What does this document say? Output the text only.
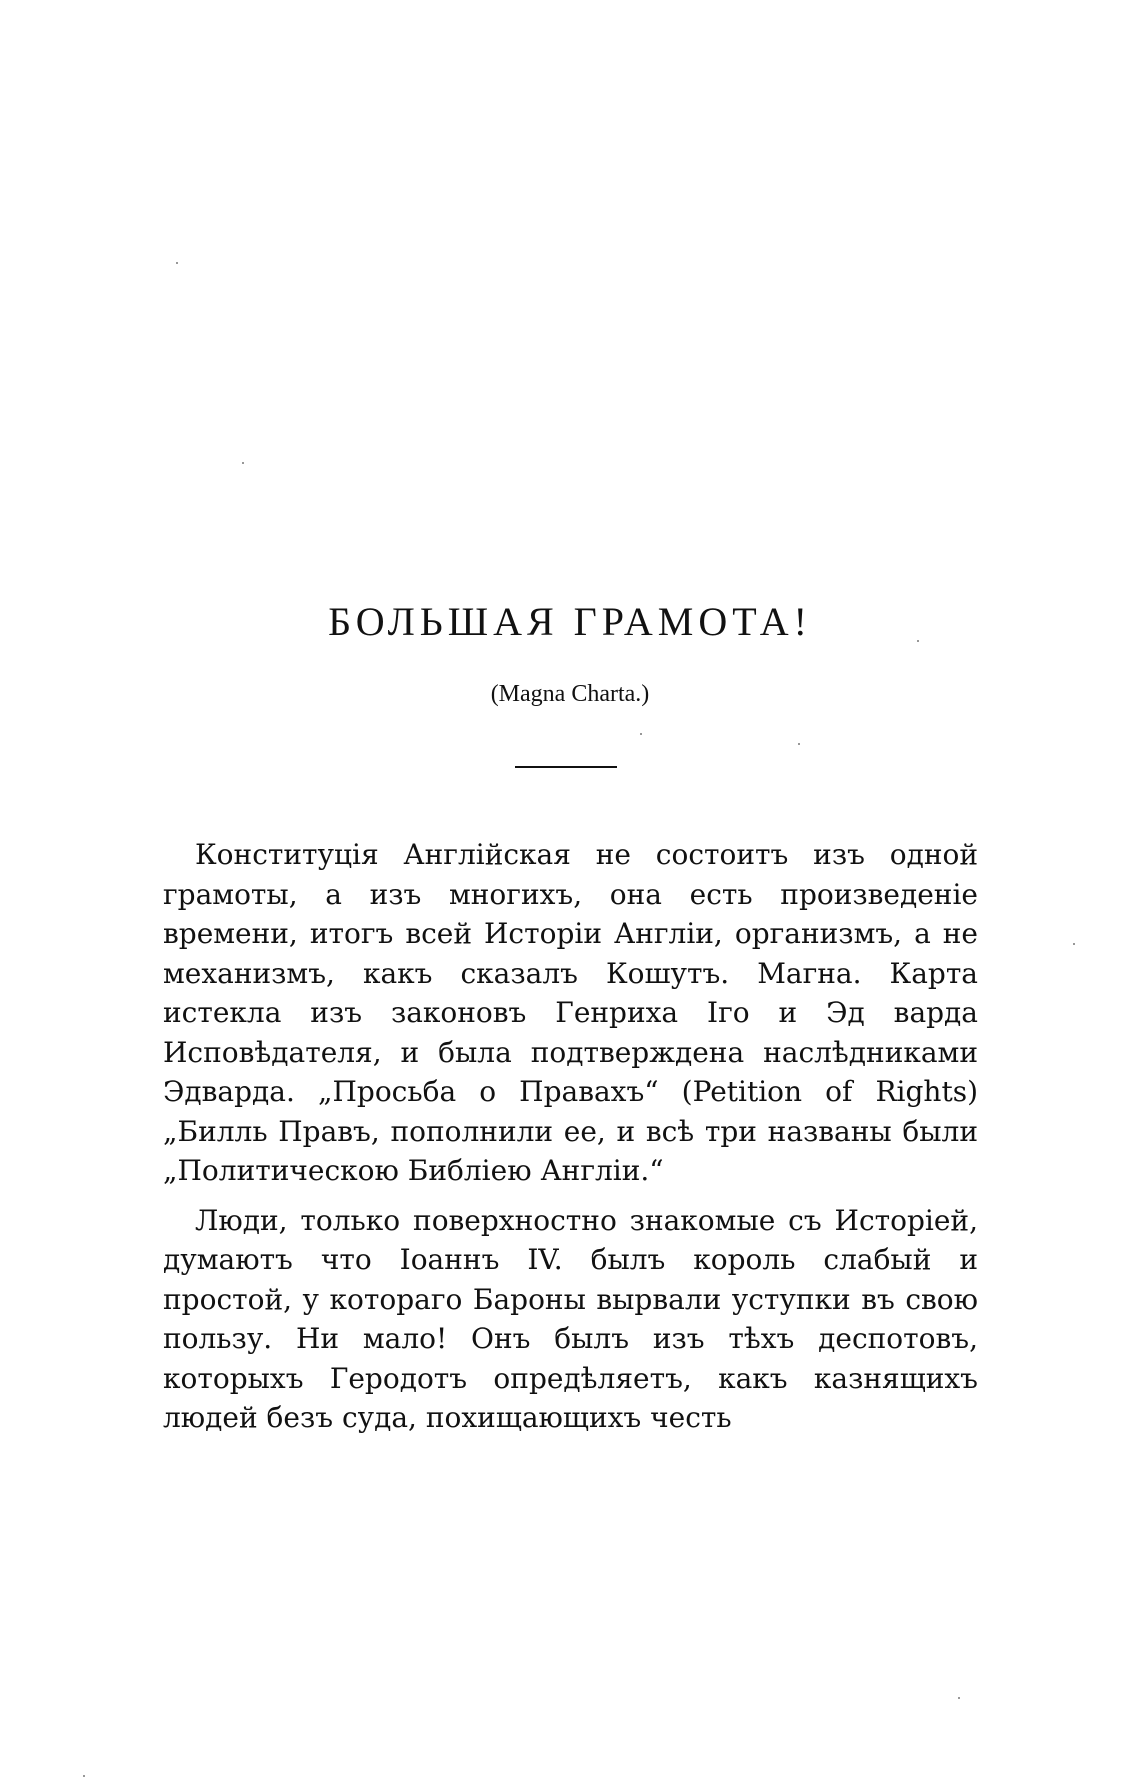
БОЛЬШАЯ ГРАМОТА!
(Magna Charta.)

Конституція Англійская не состоитъ изъ одной грамоты, а изъ многихъ, она есть произведеніе времени, итогъ всей Исторіи Англіи, организмъ, а не механизмъ, какъ сказалъ Кошутъ. Магна. Карта истекла изъ законовъ Генриха Iго и Эд варда Исповѣдателя, и была подтверждена наслѣдниками Эдварда. „Просьба о Правахъ“ (Petition of Rights) „Билль Правъ, пополнили ее, и всѣ три названы были „Политическою Библіею Англіи.“

Люди, только поверхностно знакомые съ Исторіей, думаютъ что Іоаннъ IV. былъ король слабый и простой, у котораго Бароны вырвали уступки въ свою пользу. Ни мало! Онъ былъ изъ тѣхъ деспотовъ, которыхъ Геродотъ опредѣляетъ, какъ казнящихъ людей безъ суда, похищающихъ честь
